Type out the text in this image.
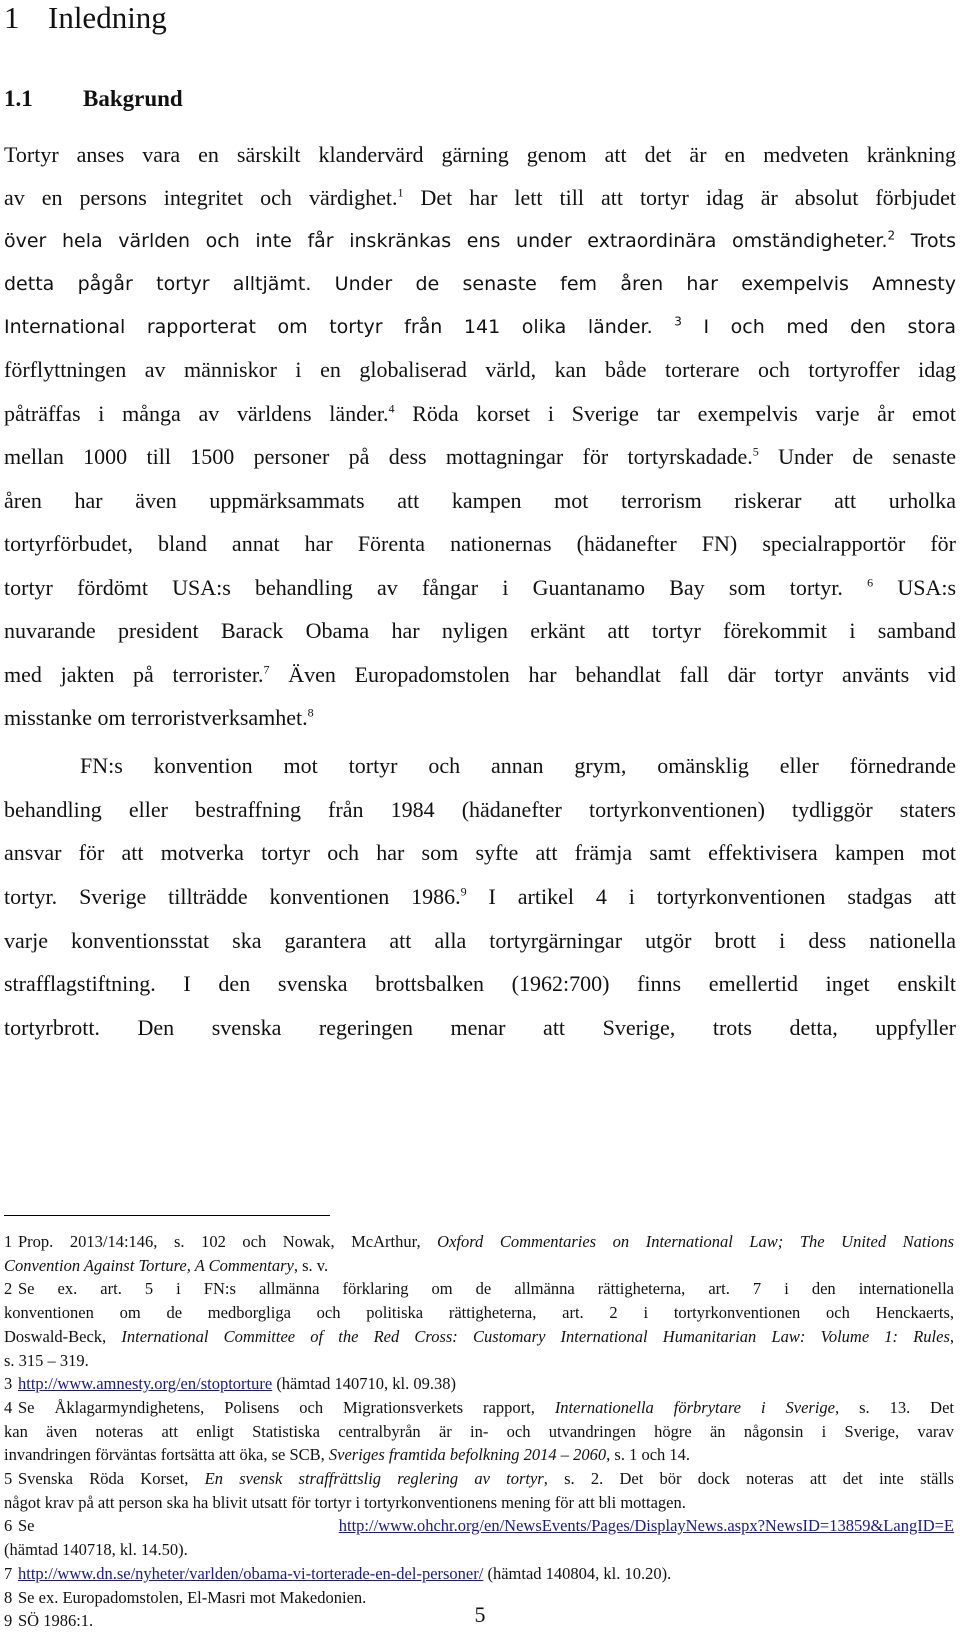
1 Inledning
1.1 Bakgrund
Tortyr anses vara en särskilt klandervärd gärning genom att det är en medveten kränkning
av en persons integritet och värdighet.$^1$ Det har lett till att tortyr idag är absolut förbjudet
över hela världen och inte får inskränkas ens under extraordinära omständigheter.$^2$ Trots
detta pågår tortyr alltjämt. Under de senaste fem åren har exempelvis Amnesty
International rapporterat om tortyr från 141 olika länder. $^3$ I och med den stora
förflyttningen av människor i en globaliserad värld, kan både torterare och tortyroffer idag
påträffas i många av världens länder.$^4$ Röda korset i Sverige tar exempelvis varje år emot
mellan 1000 till 1500 personer på dess mottagningar för tortyrskadade.$^5$ Under de senaste
åren har även uppmärksammats att kampen mot terrorism riskerar att urholka
tortyrförbudet, bland annat har Förenta nationernas (hädanefter FN) specialrapportör för
tortyr fördömt USA:s behandling av fångar i Guantanamo Bay som tortyr. $^6$ USA:s
nuvarande president Barack Obama har nyligen erkänt att tortyr förekommit i samband
med jakten på terrorister.$^7$ Även Europadomstolen har behandlat fall där tortyr använts vid
misstanke om terroristverksamhet.$^8$
FN:s konvention mot tortyr och annan grym, omänsklig eller förnedrande
behandling eller bestraffning från 1984 (hädanefter tortyrkonventionen) tydliggör staters
ansvar för att motverka tortyr och har som syfte att främja samt effektivisera kampen mot
tortyr. Sverige tillträdde konventionen 1986.$^9$ I artikel 4 i tortyrkonventionen stadgas att
varje konventionsstat ska garantera att alla tortyrgärningar utgör brott i dess nationella
strafflagstiftning. I den svenska brottsbalken (1962:700) finns emellertid inget enskilt
tortyrbrott. Den svenska regeringen menar att Sverige, trots detta, uppfyller
1 Prop. 2013/14:146, s. 102 och Nowak, McArthur, Oxford Commentaries on International Law; The United Nations
Convention Against Torture, A Commentary, s. v.
2 Se ex. art. 5 i FN:s allmänna förklaring om de allmänna rättigheterna, art. 7 i den internationella
konventionen om de medborgliga och politiska rättigheterna, art. 2 i tortyrkonventionen och Henckaerts,
Doswald-Beck, International Committee of the Red Cross: Customary International Humanitarian Law: Volume 1: Rules,
s. 315 – 319.
3 http://www.amnesty.org/en/stoptorture (hämtad 140710, kl. 09.38)
4 Se Åklagarmyndighetens, Polisens och Migrationsverkets rapport, Internationella förbrytare i Sverige, s. 13. Det
kan även noteras att enligt Statistiska centralbyrån är in- och utvandringen högre än någonsin i Sverige, varav
invandringen förväntas fortsätta att öka, se SCB, Sveriges framtida befolkning 2014 – 2060, s. 1 och 14.
5 Svenska Röda Korset, En svensk straffrättslig reglering av tortyr, s. 2. Det bör dock noteras att det inte ställs
något krav på att person ska ha blivit utsatt för tortyr i tortyrkonventionens mening för att bli mottagen.
6 Se http://www.ohchr.org/en/NewsEvents/Pages/DisplayNews.aspx?NewsID=13859&LangID=E
(hämtad 140718, kl. 14.50).
7 http://www.dn.se/nyheter/varlden/obama-vi-torterade-en-del-personer/ (hämtad 140804, kl. 10.20).
8 Se ex. Europadomstolen, El-Masri mot Makedonien.
9 SÖ 1986:1.	5
